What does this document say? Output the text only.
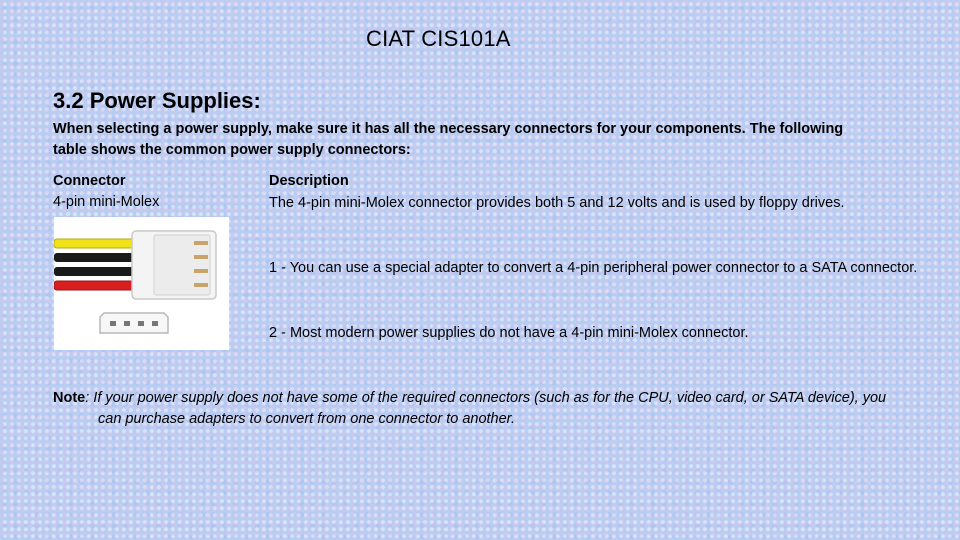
CIAT CIS101A
3.2 Power Supplies:

When selecting a power supply, make sure it has all the necessary connectors for your components. The following table shows the common power supply connectors:

Connector	Description
4-pin mini-Molex	The 4-pin mini-Molex connector provides both 5 and 12 volts and is used by floppy drives.

1 - You can use a special adapter to convert a 4-pin peripheral power connector to a SATA connector.

2 - Most modern power supplies do not have a 4-pin mini-Molex connector.

Note: If your power supply does not have some of the required connectors (such as for the CPU, video card, or SATA device), you can purchase adapters to convert from one connector to another.
